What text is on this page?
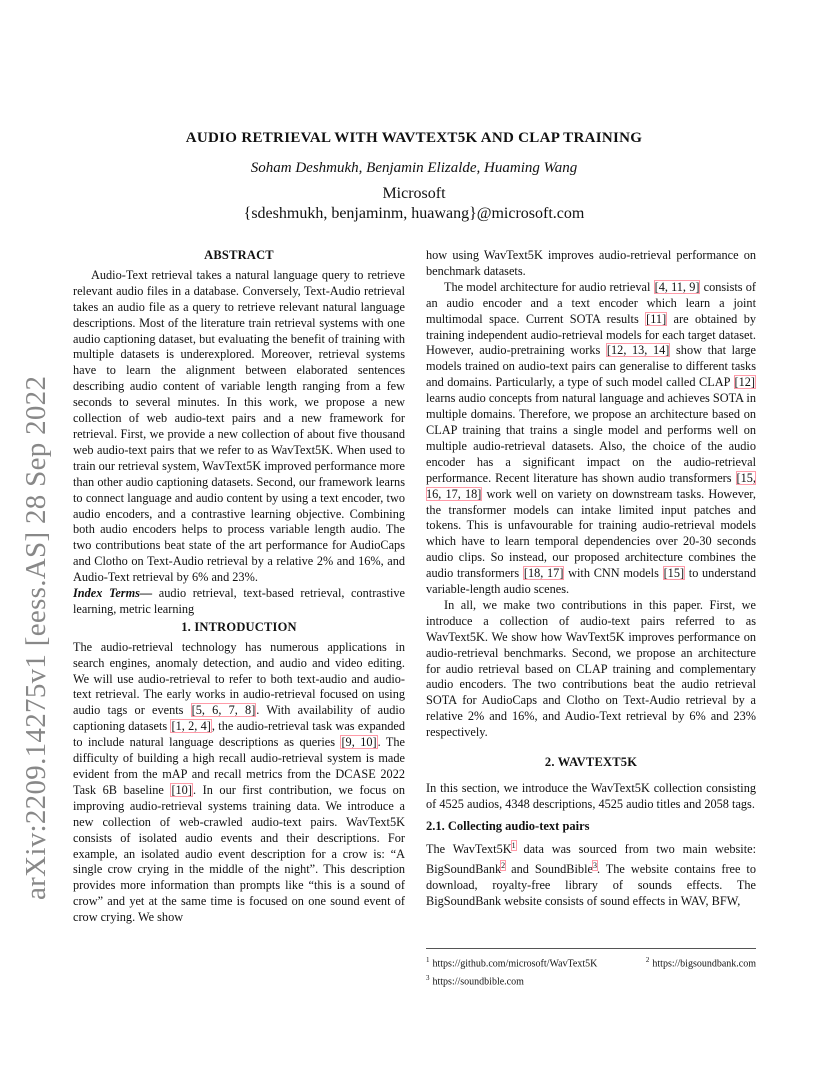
arXiv:2209.14275v1 [eess.AS] 28 Sep 2022
AUDIO RETRIEVAL WITH WAVTEXT5K AND CLAP TRAINING
Soham Deshmukh, Benjamin Elizalde, Huaming Wang
Microsoft
{sdeshmukh, benjaminm, huawang}@microsoft.com
ABSTRACT

Audio-Text retrieval takes a natural language query to retrieve relevant audio files in a database. Conversely, Text-Audio retrieval takes an audio file as a query to retrieve relevant natural language descriptions. Most of the literature train retrieval systems with one audio captioning dataset, but evaluating the benefit of training with multiple datasets is underexplored. Moreover, retrieval systems have to learn the alignment between elaborated sentences describing audio content of variable length ranging from a few seconds to several minutes. In this work, we propose a new collection of web audio-text pairs and a new framework for retrieval. First, we provide a new collection of about five thousand web audio-text pairs that we refer to as WavText5K. When used to train our retrieval system, WavText5K improved performance more than other audio captioning datasets. Second, our framework learns to connect language and audio content by using a text encoder, two audio encoders, and a contrastive learning objective. Combining both audio encoders helps to process variable length audio. The two contributions beat state of the art performance for AudioCaps and Clotho on Text-Audio retrieval by a relative 2% and 16%, and Audio-Text retrieval by 6% and 23%.

Index Terms— audio retrieval, text-based retrieval, contrastive learning, metric learning

1. INTRODUCTION

The audio-retrieval technology has numerous applications in search engines, anomaly detection, and audio and video editing. We will use audio-retrieval to refer to both text-audio and audio-text retrieval. The early works in audio-retrieval focused on using audio tags or events [5, 6, 7, 8]. With availability of audio captioning datasets [1, 2, 4], the audio-retrieval task was expanded to include natural language descriptions as queries [9, 10]. The difficulty of building a high recall audio-retrieval system is made evident from the mAP and recall metrics from the DCASE 2022 Task 6B baseline [10]. In our first contribution, we focus on improving audio-retrieval systems training data. We introduce a new collection of web-crawled audio-text pairs. WavText5K consists of isolated audio events and their descriptions. For example, an isolated audio event description for a crow is: “A single crow crying in the middle of the night”. This description provides more information than prompts like “this is a sound of crow” and yet at the same time is focused on one sound event of crow crying. We show

how using WavText5K improves audio-retrieval performance on benchmark datasets.

The model architecture for audio retrieval [4, 11, 9] consists of an audio encoder and a text encoder which learn a joint multimodal space. Current SOTA results [11] are obtained by training independent audio-retrieval models for each target dataset. However, audio-pretraining works [12, 13, 14] show that large models trained on audio-text pairs can generalise to different tasks and domains. Particularly, a type of such model called CLAP [12] learns audio concepts from natural language and achieves SOTA in multiple domains. Therefore, we propose an architecture based on CLAP training that trains a single model and performs well on multiple audio-retrieval datasets. Also, the choice of the audio encoder has a significant impact on the audio-retrieval performance. Recent literature has shown audio transformers [15, 16, 17, 18] work well on variety on downstream tasks. However, the transformer models can intake limited input patches and tokens. This is unfavourable for training audio-retrieval models which have to learn temporal dependencies over 20-30 seconds audio clips. So instead, our proposed architecture combines the audio transformers [18, 17] with CNN models [15] to understand variable-length audio scenes.

In all, we make two contributions in this paper. First, we introduce a collection of audio-text pairs referred to as WavText5K. We show how WavText5K improves performance on audio-retrieval benchmarks. Second, we propose an architecture for audio retrieval based on CLAP training and complementary audio encoders. The two contributions beat the audio retrieval SOTA for AudioCaps and Clotho on Text-Audio retrieval by a relative 2% and 16%, and Audio-Text retrieval by 6% and 23% respectively.

2. WAVTEXT5K

In this section, we introduce the WavText5K collection consisting of 4525 audios, 4348 descriptions, 4525 audio titles and 2058 tags.

2.1. Collecting audio-text pairs

The WavText5K$^1$ data was sourced from two main website: BigSoundBank$^2$ and SoundBible$^3$. The website contains free to download, royalty-free library of sounds effects. The BigSoundBank website consists of sound effects in WAV, BFW,

$^1$ https://github.com/microsoft/WavText5K	$^2$ https://bigsoundbank.com
$^3$ https://soundbible.com
